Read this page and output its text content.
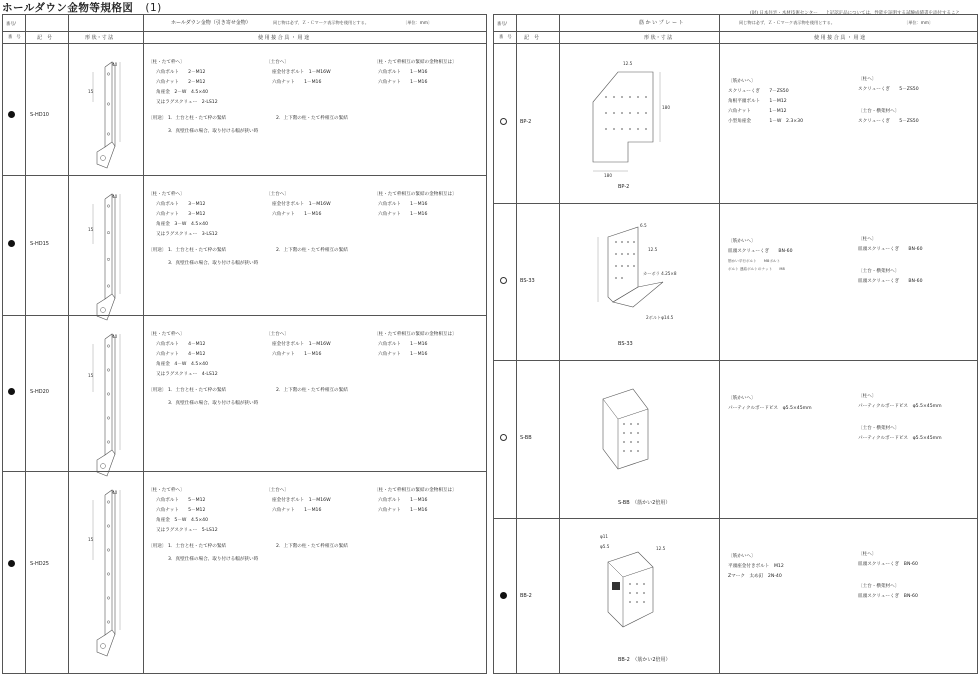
ホールダウン金物等規格図 (1)	(財) 日本住宅・木材技術センター 　 上記認定品については、性能を証明する試験成績書を添付すること
番号/	ホールダウン金物（引き寄せ金物）	同じ物は必ず、Ｚ・Ｃマーク表示物を使用とする。	〔単位：mm〕
番　号	記　号	形 状・寸 法	使 用 接 合 具 ・ 用 途
S-HD10
40
15
〔柱・たて枠へ〕
六角ボルト　　2－M12
六角ナット　　2－M12
角座金　2－W　4.5×40
又はラグスクリュー　2-LS12
〔土台へ〕
座金付きボルト　1－M16W
六角ナット　　1－M16
〔柱・たて枠相互の緊結の金物相互は〕
六角ボルト　　1－M16
六角ナット　　1－M16
〔用途〕 1．土台と柱・たて枠の緊結	2．上下階の柱・たて枠相互の緊結
3．真壁仕様の場合、取り付ける幅が狭い時
S-HD15
40
15
〔柱・たて枠へ〕
六角ボルト　　3－M12
六角ナット　　3－M12
角座金　3－W　4.5×40
又はラグスクリュー　3-LS12
〔土台へ〕
座金付きボルト　1－M16W
六角ナット　　1－M16
〔柱・たて枠相互の緊結の金物相互は〕
六角ボルト　　1－M16
六角ナット　　1－M16
〔用途〕 1．土台と柱・たて枠の緊結	2．上下階の柱・たて枠相互の緊結
3．真壁仕様の場合、取り付ける幅が狭い時
S-HD20
40
15
〔柱・たて枠へ〕
六角ボルト　　4－M12
六角ナット　　4－M12
角座金　4－W　4.5×40
又はラグスクリュー　4-LS12
〔土台へ〕
座金付きボルト　1－M16W
六角ナット　　1－M16
〔柱・たて枠相互の緊結の金物相互は〕
六角ボルト　　1－M16
六角ナット　　1－M16
〔用途〕 1．土台と柱・たて枠の緊結	2．上下階の柱・たて枠相互の緊結
3．真壁仕様の場合、取り付ける幅が狭い時
S-HD25
40
15
〔柱・たて枠へ〕
六角ボルト　　5－M12
六角ナット　　5－M12
角座金　5－W　4.5×40
又はラグスクリュー　5-LS12
〔土台へ〕
座金付きボルト　1－M16W
六角ナット　　1－M16
〔柱・たて枠相互の緊結の金物相互は〕
六角ボルト　　1－M16
六角ナット　　1－M16
〔用途〕 1．土台と柱・たて枠の緊結	2．上下階の柱・たて枠相互の緊結
3．真壁仕様の場合、取り付ける幅が狭い時
番号/	筋 か い プ レ ー ト	同じ物は必ず、Ｚ・Ｃマーク表示物を使用とする。	〔単位：mm〕
番　号 記　号	形 状・寸 法	使 用 接 合 具 ・ 用 途
BP-2
BP-2
12.5
180
180
〔筋かいへ〕
スクリューくぎ　　7－ZS50
角根平頭ボルト　　1－M12
六角ナット　　　　1－M12
小型角座金　　　　1－W　2.3×30
〔柱へ〕
スクリューくぎ　　5－ZS50
〔土台・横架材へ〕
スクリューくぎ　　5－ZS50
BS-33
BS-33
6.5
12.5
カーボラ 4.25×8
2ボルトφ14.5
〔筋かいへ〕
皿頭スクリューくぎ　　BN-60
筋かい平行ボルト　　M8ボルト
ボルト 連結ボルトのナット　　M8
〔柱へ〕
皿頭スクリューくぎ　　BN-60
〔土台・横架材へ〕
皿頭スクリューくぎ　　BN-60
S-BB
S-BB　（筋かい2倍用）
〔筋かいへ〕
パーティクルボードビス　φ5.5×45mm
〔柱へ〕
パーティクルボードビス　φ5.5×45mm
〔土台・横架材へ〕
パーティクルボードビス　φ5.5×45mm
BB-2
BB-2　（筋かい2倍用）
φ11
φ5.5	12.5
〔筋かいへ〕
平頭座金付きボルト　M12
Zマーク　太め釘　2N-40
〔柱へ〕
皿頭スクリューくぎ　BN-60
〔土台・横架材へ〕
皿頭スクリューくぎ　BN-60
